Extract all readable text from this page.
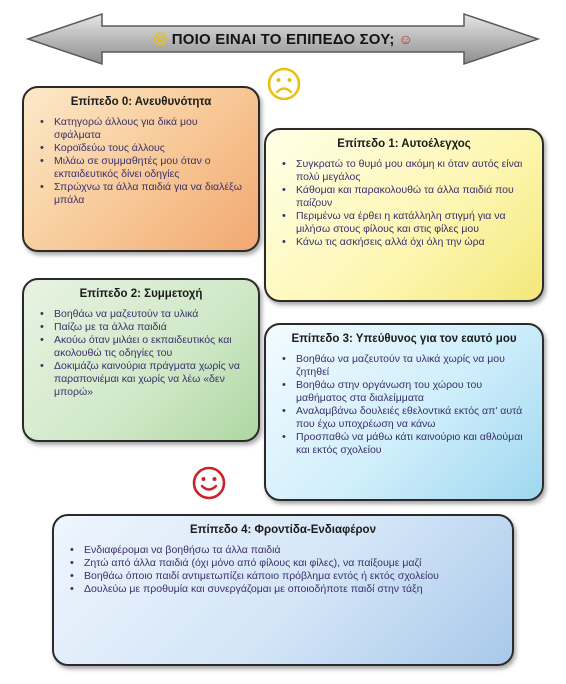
☹ ΠΟΙΟ ΕΙΝΑΙ ΤΟ ΕΠΙΠΕΔΟ ΣΟΥ; ☺
Επίπεδο 0: Ανευθυνότητα
• Κατηγορώ άλλους για δικά μου σφάλματα
• Κοροϊδεύω τους άλλους
• Μιλάω σε συμμαθητές μου όταν ο εκπαιδευτικός δίνει οδηγίες
• Σπρώχνω τα άλλα παιδιά για να διαλέξω μπάλα
Επίπεδο 1: Αυτοέλεγχος
• Συγκρατώ το θυμό μου ακόμη κι όταν αυτός είναι πολύ μεγάλος
• Κάθομαι και παρακολουθώ τα άλλα παιδιά που παίζουν
• Περιμένω να έρθει η κατάλληλη στιγμή για να μιλήσω στους φίλους και στις φίλες μου
• Κάνω τις ασκήσεις αλλά όχι όλη την ώρα
Επίπεδο 2: Συμμετοχή
• Βοηθάω να μαζευτούν τα υλικά
• Παίζω με τα άλλα παιδιά
• Ακούω όταν μιλάει ο εκπαιδευτικός και ακολουθώ τις οδηγίες του
• Δοκιμάζω καινούρια πράγματα χωρίς να παραπονιέμαι και χωρίς να λέω «δεν μπορώ»
Επίπεδο 3: Υπεύθυνος για τον εαυτό μου
• Βοηθάω να μαζευτούν τα υλικά χωρίς να μου ζητηθεί
• Βοηθάω στην οργάνωση του χώρου του μαθήματος στα διαλείμματα
• Αναλαμβάνω δουλειές εθελοντικά εκτός απ' αυτά που έχω υποχρέωση να κάνω
• Προσπαθώ να μάθω κάτι καινούριο και αθλούμαι και εκτός σχολείου
Επίπεδο 4: Φροντίδα-Ενδιαφέρον
• Ενδιαφέρομαι να βοηθήσω τα άλλα παιδιά
• Ζητώ από άλλα παιδιά (όχι μόνο από φίλους και φίλες), να παίξουμε μαζί
• Βοηθάω όποιο παιδί αντιμετωπίζει κάποιο πρόβλημα εντός ή εκτός σχολείου
• Δουλεύω με προθυμία και συνεργάζομαι με οποιοδήποτε παιδί στην τάξη
